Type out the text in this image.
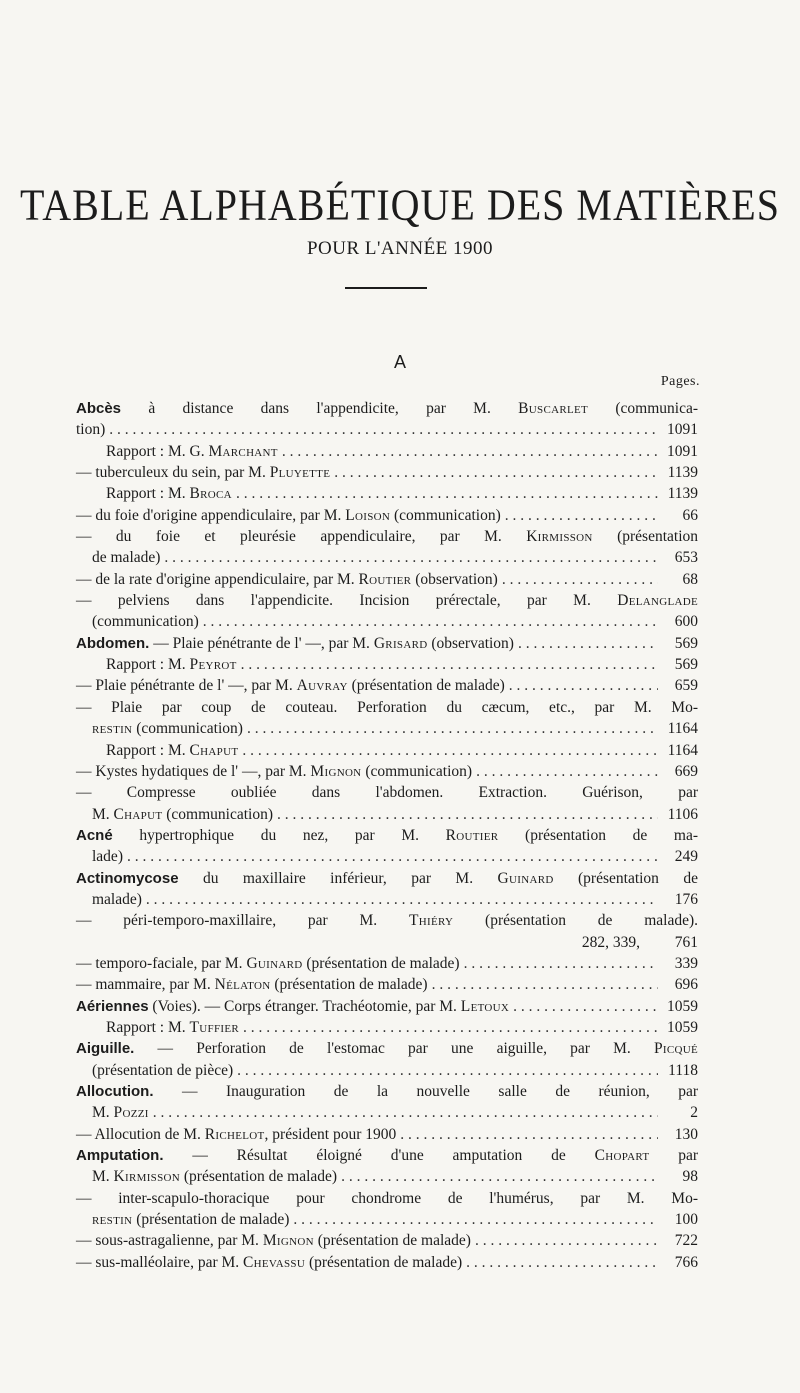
TABLE ALPHABÉTIQUE DES MATIÈRES
POUR L'ANNÉE 1900
A
Pages.
Abcès à distance dans l'appendicite, par M. Buscarlet (communica-
tion) . . .	1091
Rapport : M. G. Marchant . . .	1091
— tuberculeux du sein, par M. Pluyette . . .	1139
Rapport : M. Broca . . .	1139
— du foie d'origine appendiculaire, par M. Loison (communication) . . .	66
— du foie et pleurésie appendiculaire, par M. Kirmisson (présentation
de malade) . . .	653
— de la rate d'origine appendiculaire, par M. Routier (observation) . . .	68
— pelviens dans l'appendicite. Incision prérectale, par M. Delanglade
(communication) . . .	600
Abdomen. — Plaie pénétrante de l' —, par M. Grisard (observation) . . .	569
Rapport : M. Peyrot . . .	569
— Plaie pénétrante de l' —, par M. Auvray (présentation de malade) . . .	659
— Plaie par coup de couteau. Perforation du cæcum, etc., par M. Mo-
restin (communication) . . .	1164
Rapport : M. Chaput . . .	1164
— Kystes hydatiques de l' —, par M. Mignon (communication) . . .	669
— Compresse oubliée dans l'abdomen. Extraction. Guérison, par
M. Chaput (communication) . . .	1106
Acné hypertrophique du nez, par M. Routier (présentation de ma-
lade) . . .	249
Actinomycose du maxillaire inférieur, par M. Guinard (présentation de
malade) . . .	176
— péri-temporo-maxillaire, par M. Thiéry (présentation de malade).
282, 339,	761
— temporo-faciale, par M. Guinard (présentation de malade) . . .	339
— mammaire, par M. Nélaton (présentation de malade) . . .	696
Aériennes (Voies). — Corps étranger. Trachéotomie, par M. Letoux . . .	1059
Rapport : M. Tuffier . . .	1059
Aiguille. — Perforation de l'estomac par une aiguille, par M. Picqué
(présentation de pièce) . . .	1118
Allocution. — Inauguration de la nouvelle salle de réunion, par
M. Pozzi . . .	2
— Allocution de M. Richelot, président pour 1900 . . .	130
Amputation. — Résultat éloigné d'une amputation de Chopart par
M. Kirmisson (présentation de malade) . . .	98
— inter-scapulo-thoracique pour chondrome de l'humérus, par M. Mo-
restin (présentation de malade) . . .	100
— sous-astragalienne, par M. Mignon (présentation de malade) . . .	722
— sus-malléolaire, par M. Chevassu (présentation de malade) . . .	766
